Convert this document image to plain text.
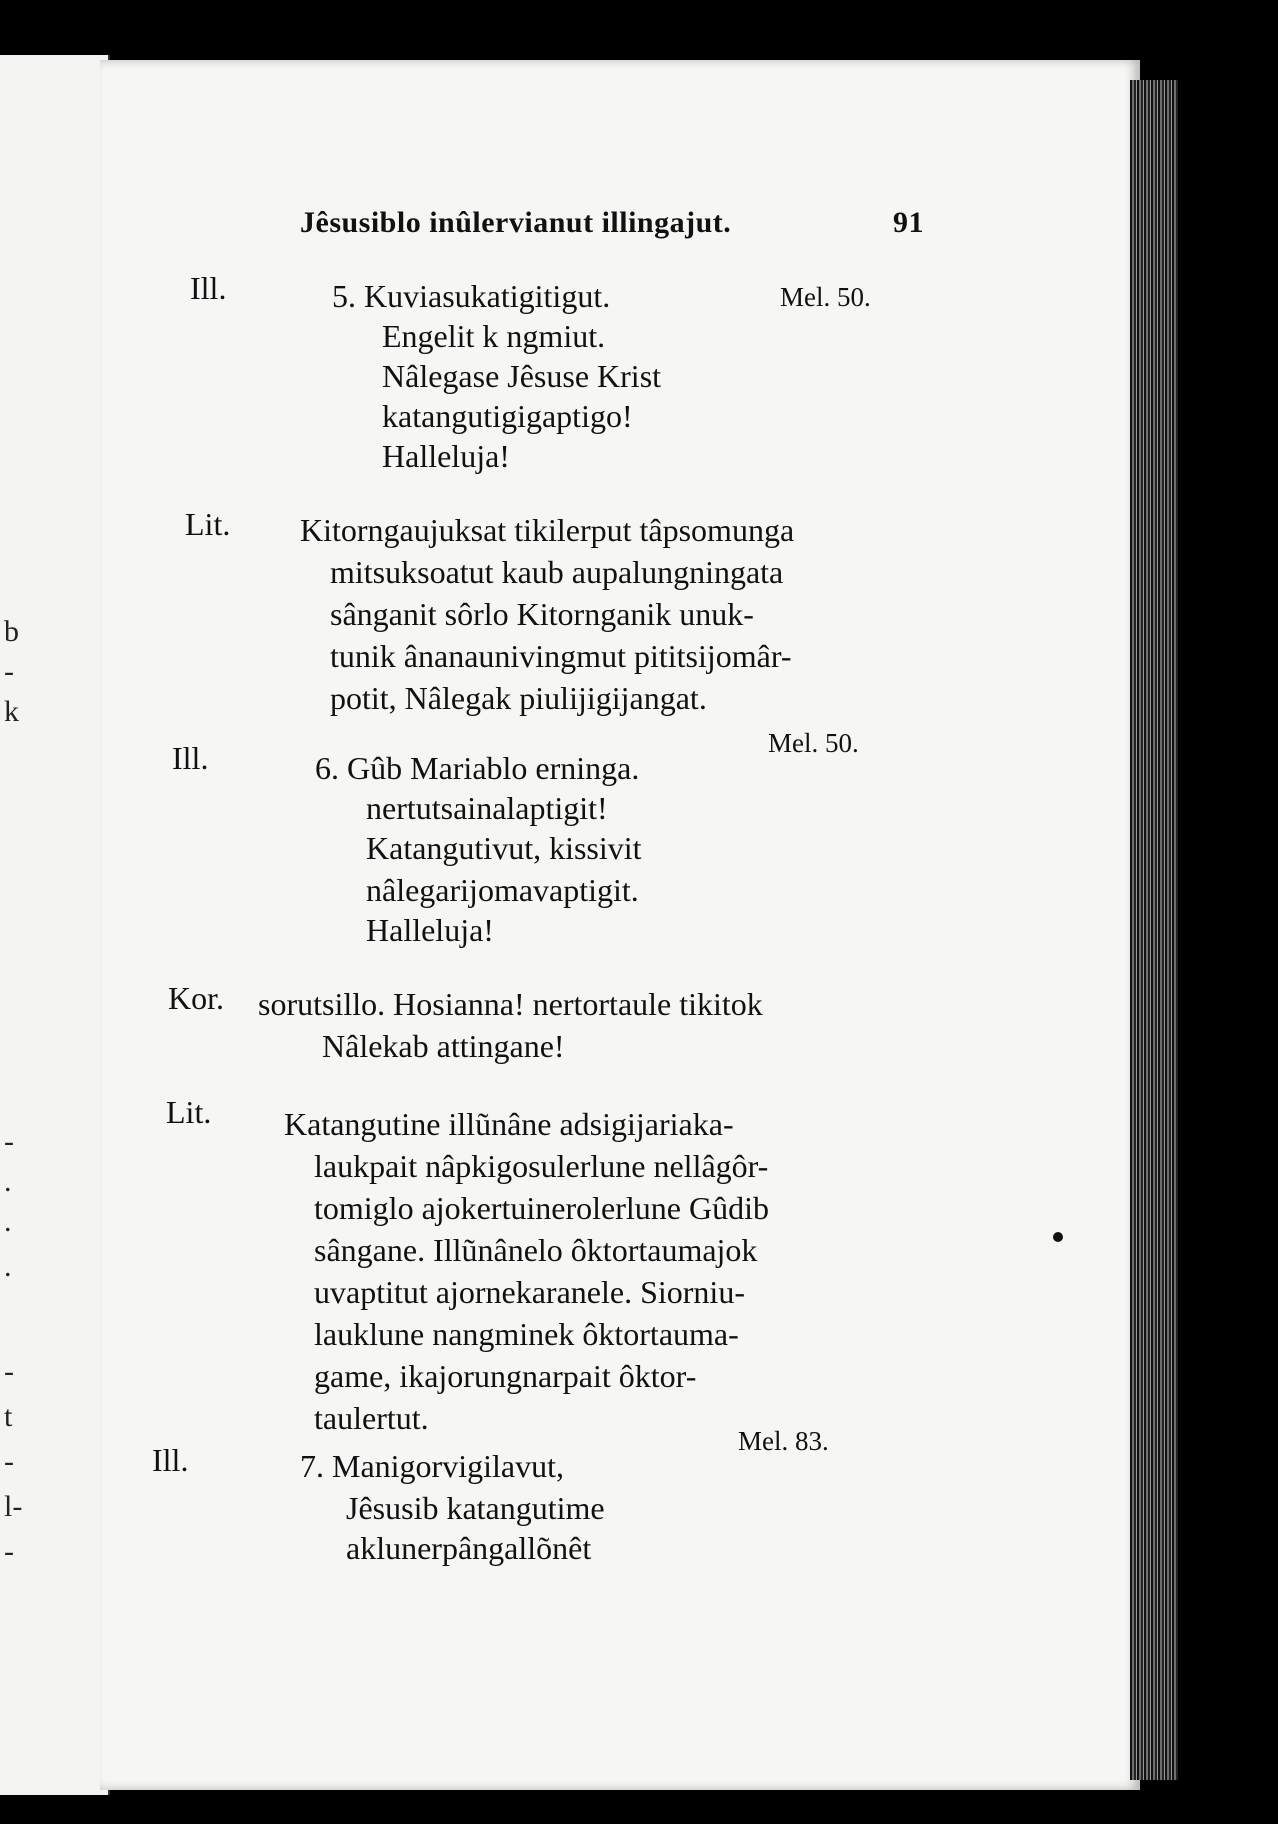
b
-
k
-
.
.
.
-
t
-
l-
-
Jêsusiblo inûlervianut illingajut.	91
Ill.	Mel. 50.
5. Kuviasukatigitigut.
Engelit k ngmiut.
Nâlegase Jêsuse Krist
katangutigigaptigo!
Halleluja!
Lit. Kitorngaujuksat tikilerput tâpsomunga
mitsuksoatut kaub aupalungningata
sânganit sôrlo Kitornganik unuk-
tunik ânanaunivingmut pititsijomâr-
potit, Nâlegak piulijigijangat.
Ill.	Mel. 50.
6. Gûb Mariablo erninga.
nertutsainalaptigit!
Katangutivut, kissivit
nâlegarijomavaptigit.
Halleluja!
Kor. sorutsillo. Hosianna! nertortaule tikitok
Nâlekab attingane!
Lit. Katangutine illũnâne adsigijariaka-
laukpait nâpkigosulerlune nellâgôr-
tomiglo ajokertuinerolerlune Gûdib
sângane. Illũnânelo ôktortaumajok
uvaptitut ajornekaranele. Siorniu-
lauklune nangminek ôktortauma-
game, ikajorungnarpait ôktor-
taulertut.
Ill.
Mel. 83.
7. Manigorvigilavut,
Jêsusib katangutime
aklunerpângallõnêt
